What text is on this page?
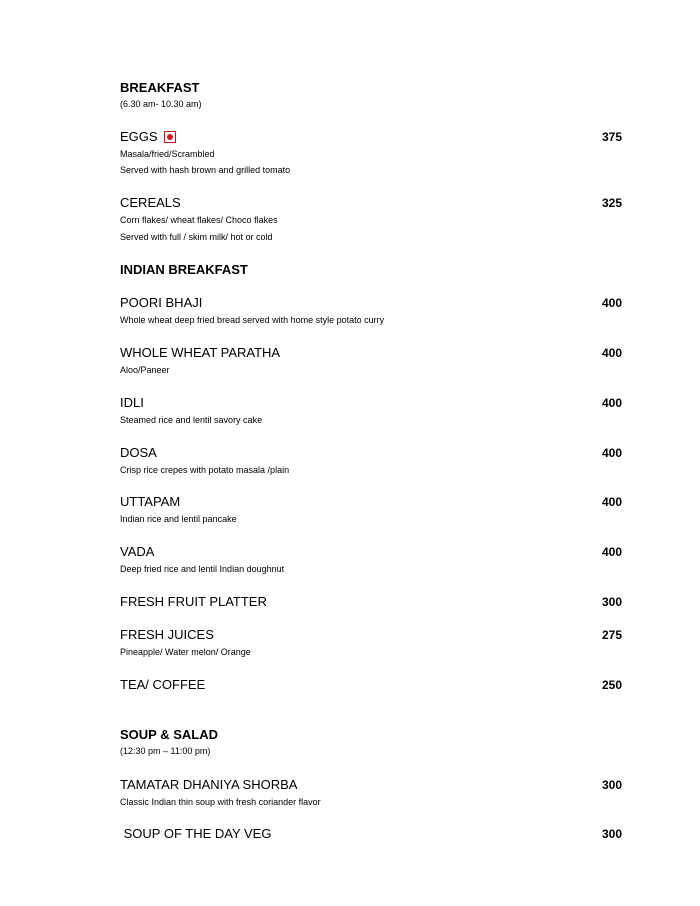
BREAKFAST
(6.30 am- 10.30 am)
EGGS	375
Masala/fried/Scrambled
Served with hash brown and grilled tomato
CEREALS	325
Corn flakes/ wheat flakes/ Choco flakes
Served with full / skim milk/ hot or cold
INDIAN BREAKFAST
POORI BHAJI	400
Whole wheat deep fried bread served with home style potato curry
WHOLE WHEAT PARATHA	400
Aloo/Paneer
IDLI	400
Steamed rice and lentil savory cake
DOSA	400
Crisp rice crepes with potato masala /plain
UTTAPAM	400
Indian rice and lentil pancake
VADA	400
Deep fried rice and lentil Indian doughnut
FRESH FRUIT PLATTER	300
FRESH JUICES	275
Pineapple/ Water melon/ Orange
TEA/ COFFEE	250
SOUP & SALAD
(12:30 pm – 11:00 pm)
TAMATAR DHANIYA SHORBA	300
Classic Indian thin soup with fresh coriander flavor
SOUP OF THE DAY VEG	300
